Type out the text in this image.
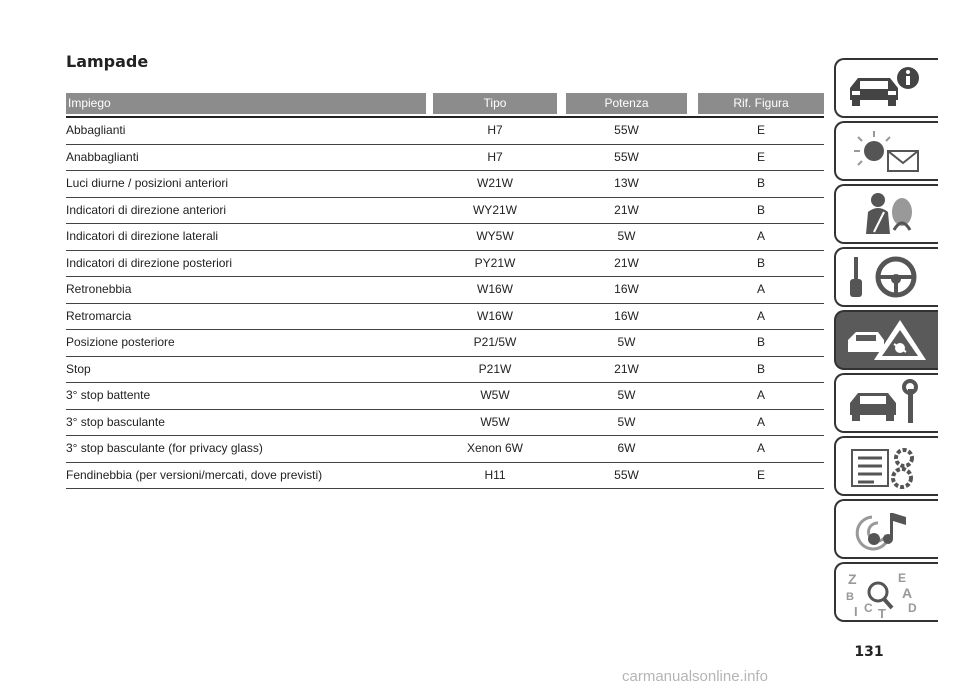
Lampade
Impiego	Tipo	Potenza	Rif. Figura
Abbaglianti	H7	55W	E
Anabbaglianti	H7	55W	E
Luci diurne / posizioni anteriori	W21W	13W	B
Indicatori di direzione anteriori	WY21W	21W	B
Indicatori di direzione laterali	WY5W	5W	A
Indicatori di direzione posteriori	PY21W	21W	B
Retronebbia	W16W	16W	A
Retromarcia	W16W	16W	A
Posizione posteriore	P21/5W	5W	B
Stop	P21W	21W	B
3° stop battente	W5W	5W	A
3° stop basculante	W5W	5W	A
3° stop basculante (for privacy glass)	Xenon 6W	6W	A
Fendinebbia (per versioni/mercati, dove previsti)	H11	55W	E
Z	E
B	A
C
I T D
131
carmanualsonline.info
